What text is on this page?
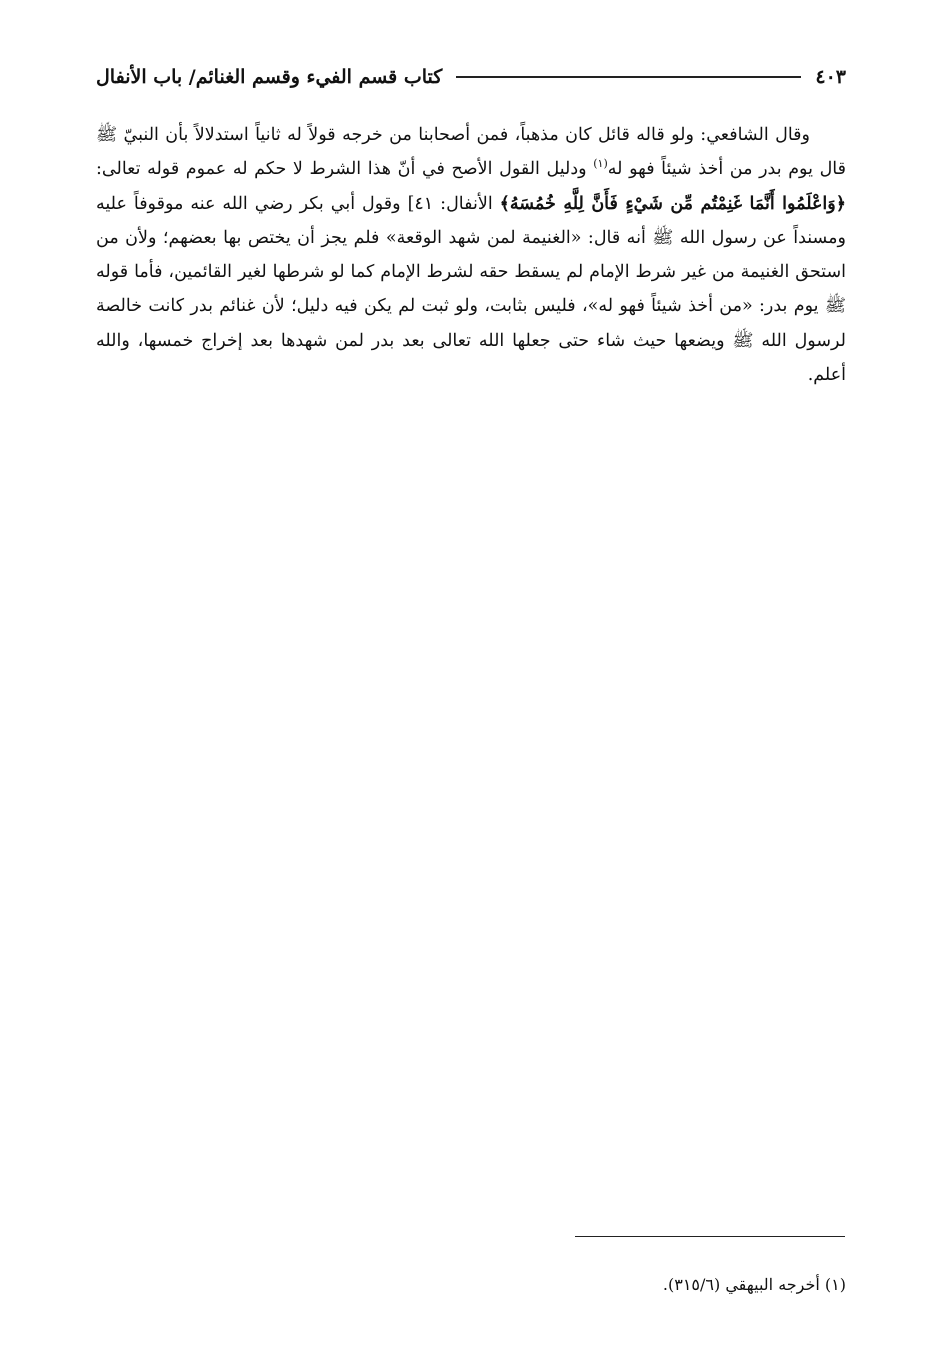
كتاب قسم الفيء وقسم الغنائم/ باب الأنفال	٤٠٣

وقال الشافعي: ولو قاله قائل كان مذهباً، فمن أصحابنا من خرجه قولاً له ثانياً استدلالاً بأن النبيّ ﷺ قال يوم بدر من أخذ شيئاً فهو له$^{(١)}$ ودليل القول الأصح في أنّ هذا الشرط لا حكم له عموم قوله تعالى: ﴿وَاعْلَمُوا أَنَّمَا غَنِمْتُم مِّن شَيْءٍ فَأَنَّ لِلَّهِ خُمُسَهُ﴾ الأنفال: ٤١] وقول أبي بكر رضي الله عنه موقوفاً عليه ومسنداً عن رسول الله ﷺ أنه قال: «الغنيمة لمن شهد الوقعة» فلم يجز أن يختص بها بعضهم؛ ولأن من استحق الغنيمة من غير شرط الإمام لم يسقط حقه لشرط الإمام كما لو شرطها لغير القائمين، فأما قوله ﷺ يوم بدر: «من أخذ شيئاً فهو له»، فليس بثابت، ولو ثبت لم يكن فيه دليل؛ لأن غنائم بدر كانت خالصة لرسول الله ﷺ ويضعها حيث شاء حتى جعلها الله تعالى بعد بدر لمن شهدها بعد إخراج خمسها، والله أعلم.

(١) أخرجه البيهقي (٣١٥/٦).
